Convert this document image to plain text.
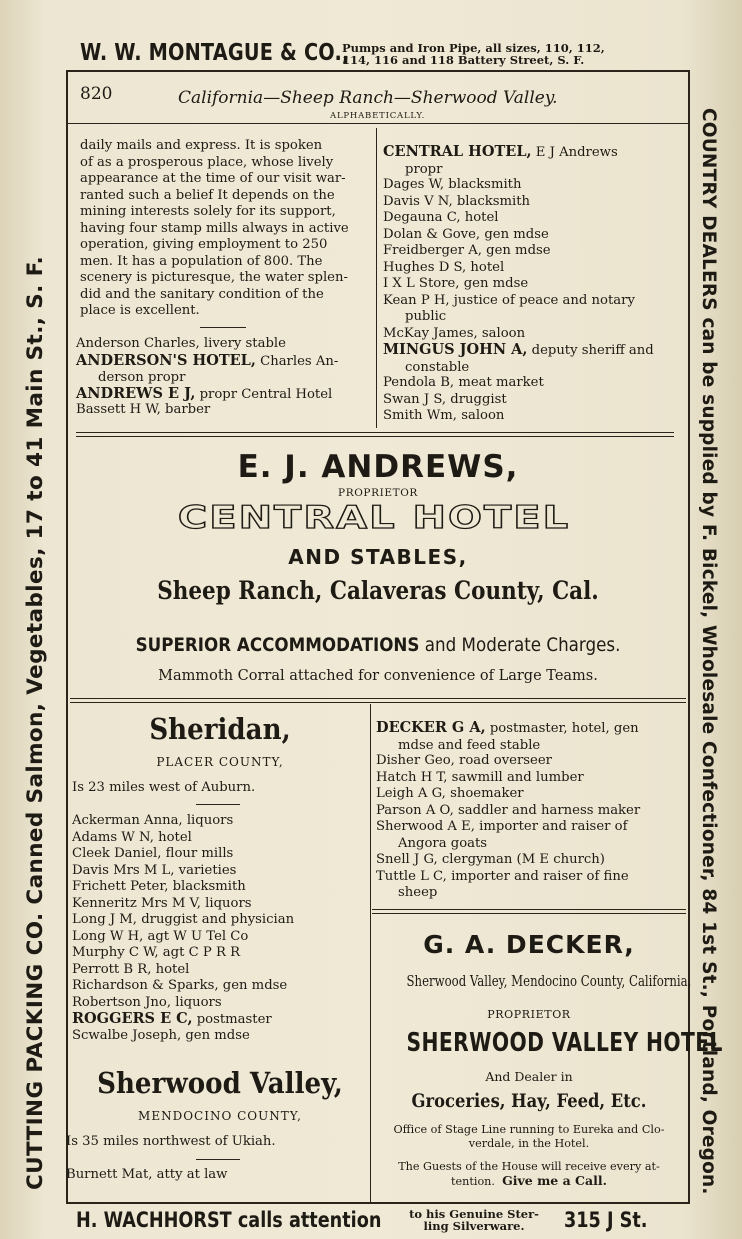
W. W. MONTAGUE & CO.,
Pumps and Iron Pipe, all sizes, 110, 112,
114, 116 and 118 Battery Street, S. F.
CUTTING PACKING CO. Canned Salmon, Vegetables, 17 to 41 Main St., S. F.	COUNTRY DEALERS can be supplied by F. Bickel, Wholesale Confectioner, 84 1st St., Portland, Oregon.
820	California—Sheep Ranch—Sherwood Valley.
ALPHABETICALLY.
daily mails and express. It is spoken
of as a prosperous place, whose lively
appearance at the time of our visit war-
ranted such a belief It depends on the
mining interests solely for its support,
having four stamp mills always in active
operation, giving employment to 250
men. It has a population of 800. The
scenery is picturesque, the water splen-
did and the sanitary condition of the
place is excellent.
Anderson Charles, livery stable
ANDERSON'S HOTEL, Charles An-
derson propr
ANDREWS E J, propr Central Hotel
Bassett H W, barber
CENTRAL HOTEL, E J Andrews
propr
Dages W, blacksmith
Davis V N, blacksmith
Degauna C, hotel
Dolan & Gove, gen mdse
Freidberger A, gen mdse
Hughes D S, hotel
I X L Store, gen mdse
Kean P H, justice of peace and notary
public
McKay James, saloon
MINGUS JOHN A, deputy sheriff and
constable
Pendola B, meat market
Swan J S, druggist
Smith Wm, saloon
E. J. ANDREWS,
PROPRIETOR
CENTRAL HOTEL
AND STABLES,
Sheep Ranch, Calaveras County, Cal.
SUPERIOR ACCOMMODATIONS and Moderate Charges.
Mammoth Corral attached for convenience of Large Teams.
Sheridan,
PLACER COUNTY,
Is 23 miles west of Auburn.
Ackerman Anna, liquors
Adams W N, hotel
Cleek Daniel, flour mills
Davis Mrs M L, varieties
Frichett Peter, blacksmith
Kenneritz Mrs M V, liquors
Long J M, druggist and physician
Long W H, agt W U Tel Co
Murphy C W, agt C P R R
Perrott B R, hotel
Richardson & Sparks, gen mdse
Robertson Jno, liquors
ROGGERS E C, postmaster
Scwalbe Joseph, gen mdse
Sherwood Valley,
MENDOCINO COUNTY,
Is 35 miles northwest of Ukiah.
Burnett Mat, atty at law
DECKER G A, postmaster, hotel, gen
mdse and feed stable
Disher Geo, road overseer
Hatch H T, sawmill and lumber
Leigh A G, shoemaker
Parson A O, saddler and harness maker
Sherwood A E, importer and raiser of
Angora goats
Snell J G, clergyman (M E church)
Tuttle L C, importer and raiser of fine
sheep
G. A. DECKER,
Sherwood Valley, Mendocino County, California.
PROPRIETOR
SHERWOOD VALLEY HOTEL
And Dealer in
Groceries, Hay, Feed, Etc.
Office of Stage Line running to Eureka and Clo-
verdale, in the Hotel.
The Guests of the House will receive every at-
tention. Give me a Call.
H. WACHHORST calls attention	to his Genuine Ster-
ling Silverware.	315 J St.
